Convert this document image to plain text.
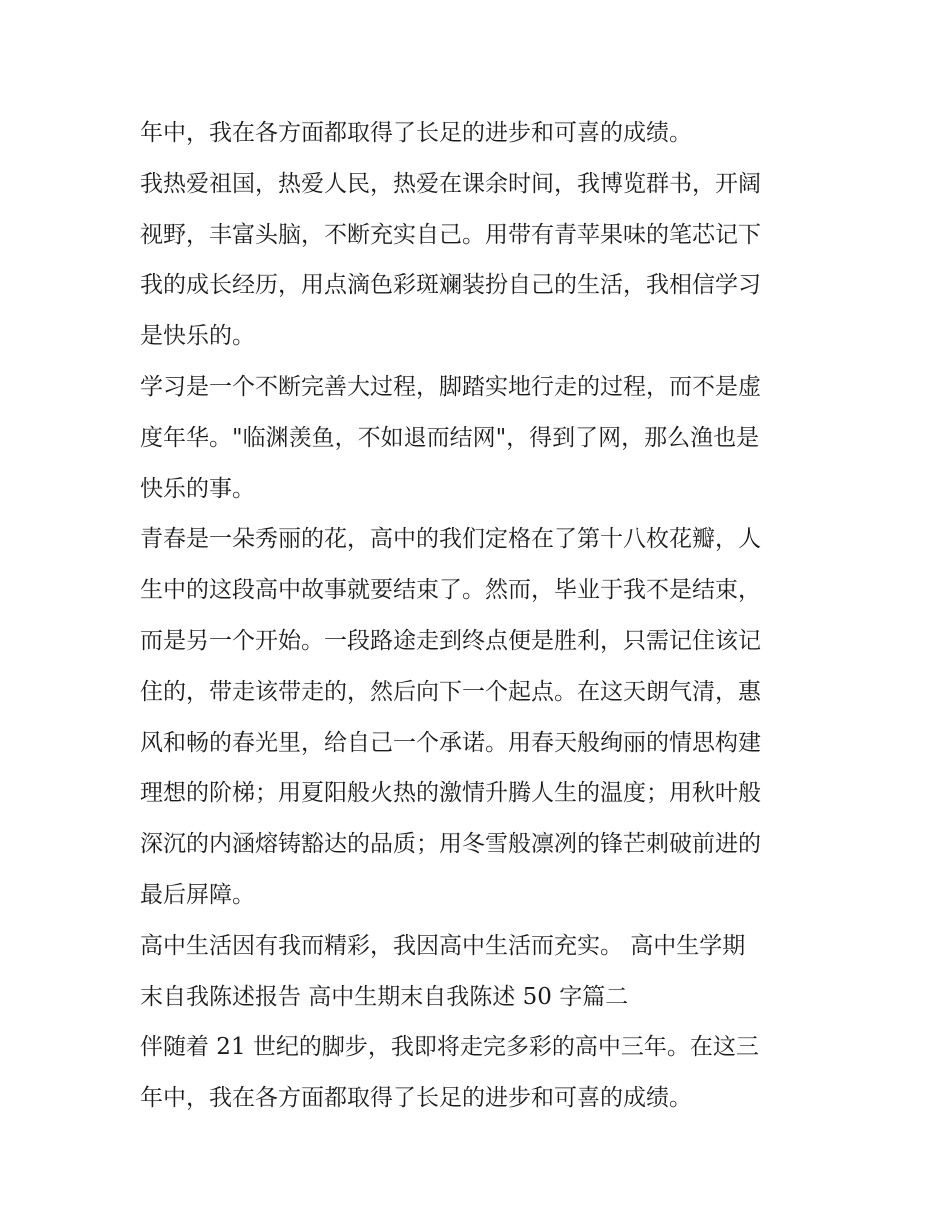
年中，我在各方面都取得了长足的进步和可喜的成绩。

我热爱祖国，热爱人民，热爱在课余时间，我博览群书，开阔
视野，丰富头脑，不断充实自己。用带有青苹果味的笔芯记下
我的成长经历，用点滴色彩斑斓装扮自己的生活，我相信学习
是快乐的。

学习是一个不断完善大过程，脚踏实地行走的过程，而不是虚
度年华。"临渊羡鱼，不如退而结网"，得到了网，那么渔也是
快乐的事。

青春是一朵秀丽的花，高中的我们定格在了第十八枚花瓣，人
生中的这段高中故事就要结束了。然而，毕业于我不是结束，
而是另一个开始。一段路途走到终点便是胜利，只需记住该记
住的，带走该带走的，然后向下一个起点。在这天朗气清，惠
风和畅的春光里，给自己一个承诺。用春天般绚丽的情思构建
理想的阶梯；用夏阳般火热的激情升腾人生的温度；用秋叶般
深沉的内涵熔铸豁达的品质；用冬雪般凛冽的锋芒刺破前进的
最后屏障。

高中生活因有我而精彩，我因高中生活而充实。 高中生学期
末自我陈述报告 高中生期末自我陈述 50 字篇二

伴随着 21 世纪的脚步，我即将走完多彩的高中三年。在这三
年中，我在各方面都取得了长足的进步和可喜的成绩。
